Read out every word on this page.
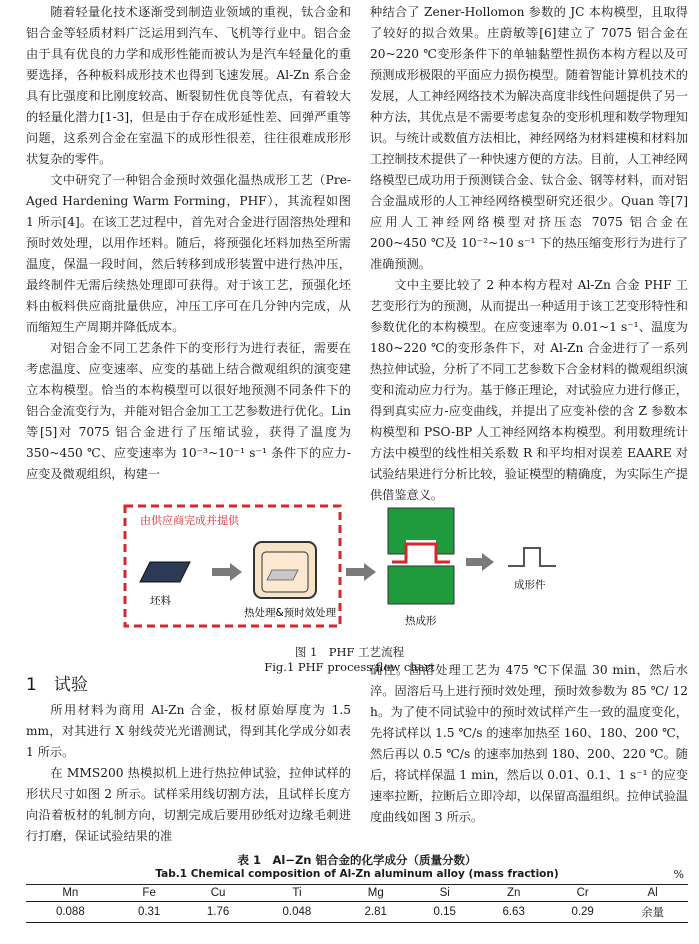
随着轻量化技术逐渐受到制造业领域的重视，钛合金和铝合金等轻质材料广泛运用到汽车、飞机等行业中。铝合金由于具有优良的力学和成形性能而被认为是汽车轻量化的重要选择，各种板料成形技术也得到飞速发展。Al-Zn 系合金具有比强度和比刚度较高、断裂韧性优良等优点，有着较大的轻量化潜力[1-3]，但是由于存在成形延性差、回弹严重等问题，这系列合金在室温下的成形性很差，往往很难成形形状复杂的零件。

文中研究了一种铝合金预时效强化温热成形工艺（Pre-Aged Hardening Warm Forming，PHF），其流程如图 1 所示[4]。在该工艺过程中，首先对合金进行固溶热处理和预时效处理，以用作坯料。随后，将预强化坯料加热至所需温度，保温一段时间，然后转移到成形装置中进行热冲压，最终制件无需后续热处理即可获得。对于该工艺，预强化坯料由板料供应商批量供应，冲压工序可在几分钟内完成，从而缩短生产周期并降低成本。

对铝合金不同工艺条件下的变形行为进行表征，需要在考虑温度、应变速率、应变的基础上结合微观组织的演变建立本构模型。恰当的本构模型可以很好地预测不同条件下的铝合金流变行为，并能对铝合金加工工艺参数进行优化。Lin 等[5]对 7075 铝合金进行了压缩试验，获得了温度为 350~450 ℃、应变速率为 10⁻³~10⁻¹ s⁻¹ 条件下的应力-应变及微观组织，构建一

种结合了 Zener-Hollomon 参数的 JC 本构模型，且取得了较好的拟合效果。庄蔚敏等[6]建立了 7075 铝合金在 20~220 ℃变形条件下的单轴黏塑性损伤本构方程以及可预测成形极限的平面应力损伤模型。随着智能计算机技术的发展，人工神经网络技术为解决高度非线性问题提供了另一种方法，其优点是不需要考虑复杂的变形机理和数学物理知识。与统计或数值方法相比，神经网络为材料建模和材料加工控制技术提供了一种快速方便的方法。目前，人工神经网络模型已成功用于预测镁合金、钛合金、钢等材料，而对铝合金温成形的人工神经网络模型研究还很少。Quan 等[7]应用人工神经网络模型对挤压态 7075 铝合金在 200~450 ℃及 10⁻²~10 s⁻¹ 下的热压缩变形行为进行了准确预测。

文中主要比较了 2 种本构方程对 Al-Zn 合金 PHF 工艺变形行为的预测，从而提出一种适用于该工艺变形特性和参数优化的本构模型。在应变速率为 0.01~1 s⁻¹、温度为 180~220 ℃的变形条件下，对 Al-Zn 合金进行了一系列热拉伸试验，分析了不同工艺参数下合金材料的微观组织演变和流动应力行为。基于修正理论，对试验应力进行修正，得到真实应力-应变曲线，并提出了应变补偿的含 Z 参数本构模型和 PSO-BP 人工神经网络本构模型。利用数理统计方法中模型的线性相关系数 R 和平均相对误差 EAARE 对试验结果进行分析比较，验证模型的精确度，为实际生产提供借鉴意义。

由供应商完成并提供
坯料
热处理&预时效处理
热成形
成形件
图 1　PHF 工艺流程
Fig.1 PHF process flow chart
1　试验

所用材料为商用 Al-Zn 合金，板材原始厚度为 1.5 mm，对其进行 X 射线荧光光谱测试，得到其化学成分如表 1 所示。

在 MMS200 热模拟机上进行热拉伸试验，拉伸试样的形状尺寸如图 2 所示。试样采用线切割方法，且试样长度方向沿着板材的轧制方向，切割完成后要用砂纸对边缘毛刺进行打磨，保证试验结果的准

确性。固溶处理工艺为 475 ℃下保温 30 min，然后水淬。固溶后马上进行预时效处理，预时效参数为 85 ℃/ 12 h。为了使不同试验中的预时效试样产生一致的温度变化，先将试样以 1.5 ℃/s 的速率加热至 160、180、200 ℃，然后再以 0.5 ℃/s 的速率加热到 180、200、220 ℃。随后，将试样保温 1 min，然后以 0.01、0.1、1 s⁻¹ 的应变速率拉断，拉断后立即冷却，以保留高温组织。拉伸试验温度曲线如图 3 所示。

表 1　Al−Zn 铝合金的化学成分（质量分数）
Tab.1 Chemical composition of Al-Zn aluminum alloy (mass fraction)	%
Mn	Fe	Cu	Ti	Mg	Si	Zn	Cr	Al
0.088	0.31	1.76	0.048	2.81	0.15	6.63	0.29	余量
